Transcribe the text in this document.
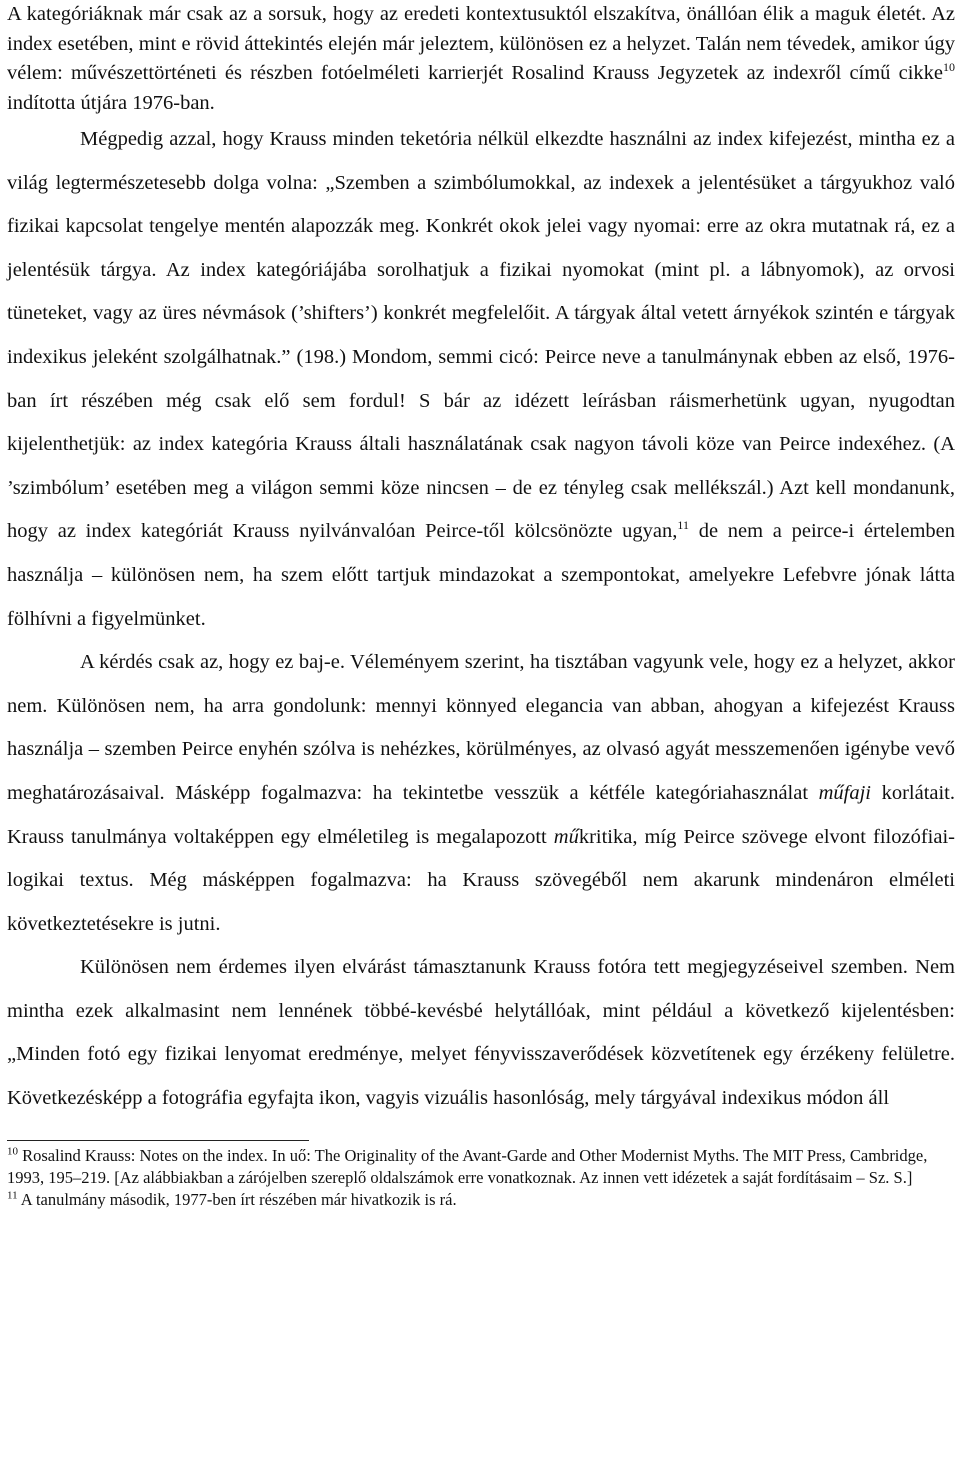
A kategóriáknak már csak az a sorsuk, hogy az eredeti kontextusuktól elszakítva, önállóan élik a maguk életét. Az index esetében, mint e rövid áttekintés elején már jeleztem, különösen ez a helyzet. Talán nem tévedek, amikor úgy vélem: művészettörténeti és részben fotóelméleti karrierjét Rosalind Krauss Jegyzetek az indexről című cikke$^{10}$ indította útjára 1976-ban.

Mégpedig azzal, hogy Krauss minden teketória nélkül elkezdte használni az index kifejezést, mintha ez a világ legtermészetesebb dolga volna: „Szemben a szimbólumokkal, az indexek a jelentésüket a tárgyukhoz való fizikai kapcsolat tengelye mentén alapozzák meg. Konkrét okok jelei vagy nyomai: erre az okra mutatnak rá, ez a jelentésük tárgya. Az index kategóriájába sorolhatjuk a fizikai nyomokat (mint pl. a lábnyomok), az orvosi tüneteket, vagy az üres névmások (’shifters’) konkrét megfelelőit. A tárgyak által vetett árnyékok szintén e tárgyak indexikus jeleként szolgálhatnak.” (198.) Mondom, semmi cicó: Peirce neve a tanulmánynak ebben az első, 1976-ban írt részében még csak elő sem fordul! S bár az idézett leírásban ráismerhetünk ugyan, nyugodtan kijelenthetjük: az index kategória Krauss általi használatának csak nagyon távoli köze van Peirce indexéhez. (A ’szimbólum’ esetében meg a világon semmi köze nincsen – de ez tényleg csak mellékszál.) Azt kell mondanunk, hogy az index kategóriát Krauss nyilvánvalóan Peirce-től kölcsönözte ugyan,$^{11}$ de nem a peirce-i értelemben használja – különösen nem, ha szem előtt tartjuk mindazokat a szempontokat, amelyekre Lefebvre jónak látta fölhívni a figyelmünket.

A kérdés csak az, hogy ez baj-e. Véleményem szerint, ha tisztában vagyunk vele, hogy ez a helyzet, akkor nem. Különösen nem, ha arra gondolunk: mennyi könnyed elegancia van abban, ahogyan a kifejezést Krauss használja – szemben Peirce enyhén szólva is nehézkes, körülményes, az olvasó agyát messzemenően igénybe vevő meghatározásaival. Másképp fogalmazva: ha tekintetbe vesszük a kétféle kategóriahasználat műfaji korlátait. Krauss tanulmánya voltaképpen egy elméletileg is megalapozott műkritika, míg Peirce szövege elvont filozófiai-logikai textus. Még másképpen fogalmazva: ha Krauss szövegéből nem akarunk mindenáron elméleti következtetésekre is jutni.

Különösen nem érdemes ilyen elvárást támasztanunk Krauss fotóra tett megjegyzéseivel szemben. Nem mintha ezek alkalmasint nem lennének többé-kevésbé helytállóak, mint például a következő kijelentésben: „Minden fotó egy fizikai lenyomat eredménye, melyet fényvisszaverődések közvetítenek egy érzékeny felületre. Következésképp a fotográfia egyfajta ikon, vagyis vizuális hasonlóság, mely tárgyával indexikus módon áll

$^{10}$ Rosalind Krauss: Notes on the index. In uő: The Originality of the Avant-Garde and Other Modernist Myths. The MIT Press, Cambridge, 1993, 195–219. [Az alábbiakban a zárójelben szereplő oldalszámok erre vonatkoznak. Az innen vett idézetek a saját fordításaim – Sz. S.]

$^{11}$ A tanulmány második, 1977-ben írt részében már hivatkozik is rá.
